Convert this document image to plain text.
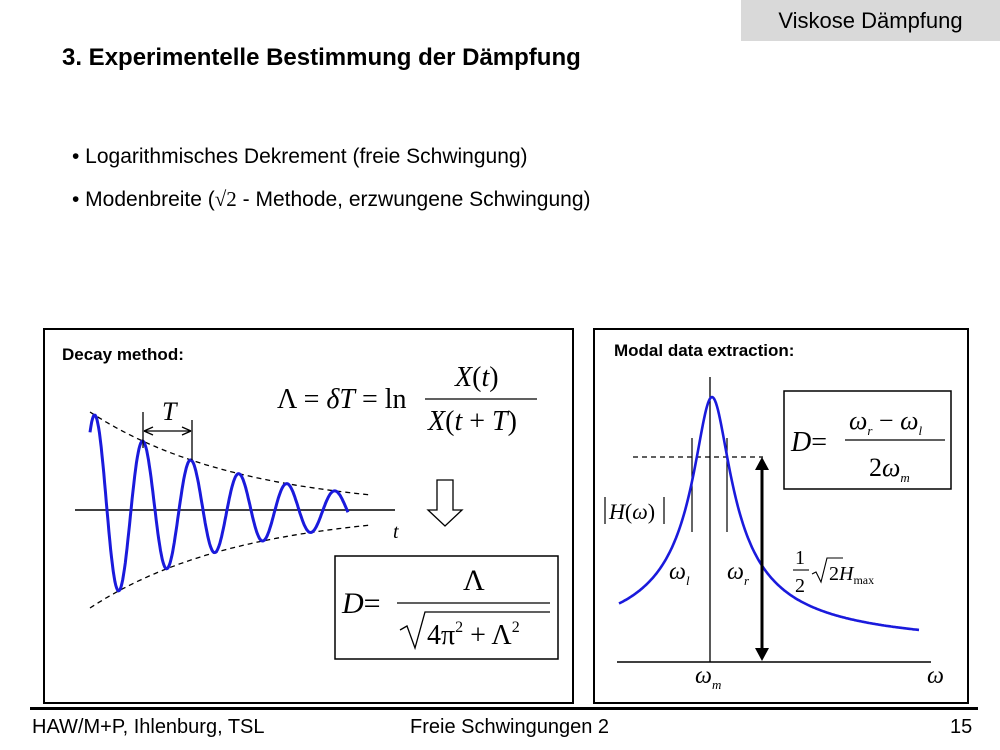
Viskose Dämpfung
3. Experimentelle Bestimmung der Dämpfung
• Logarithmisches Dekrement (freie Schwingung)
• Modenbreite (√2 - Methode, erzwungene Schwingung)
Decay method:
t
T	Λ = δT = ln
X(t)
X(t + T)
D=
Λ
$4\pi^2 + \Lambda^2$
Modal data extraction:
H(ω)
$\omega_l$ $\omega_r$
$\omega_m$	ω
1
2
$2H_{max}$
D=
$\omega_r - \omega_l$
$2\omega_m$
HAW/M+P, Ihlenburg, TSL	Freie Schwingungen 2	15
